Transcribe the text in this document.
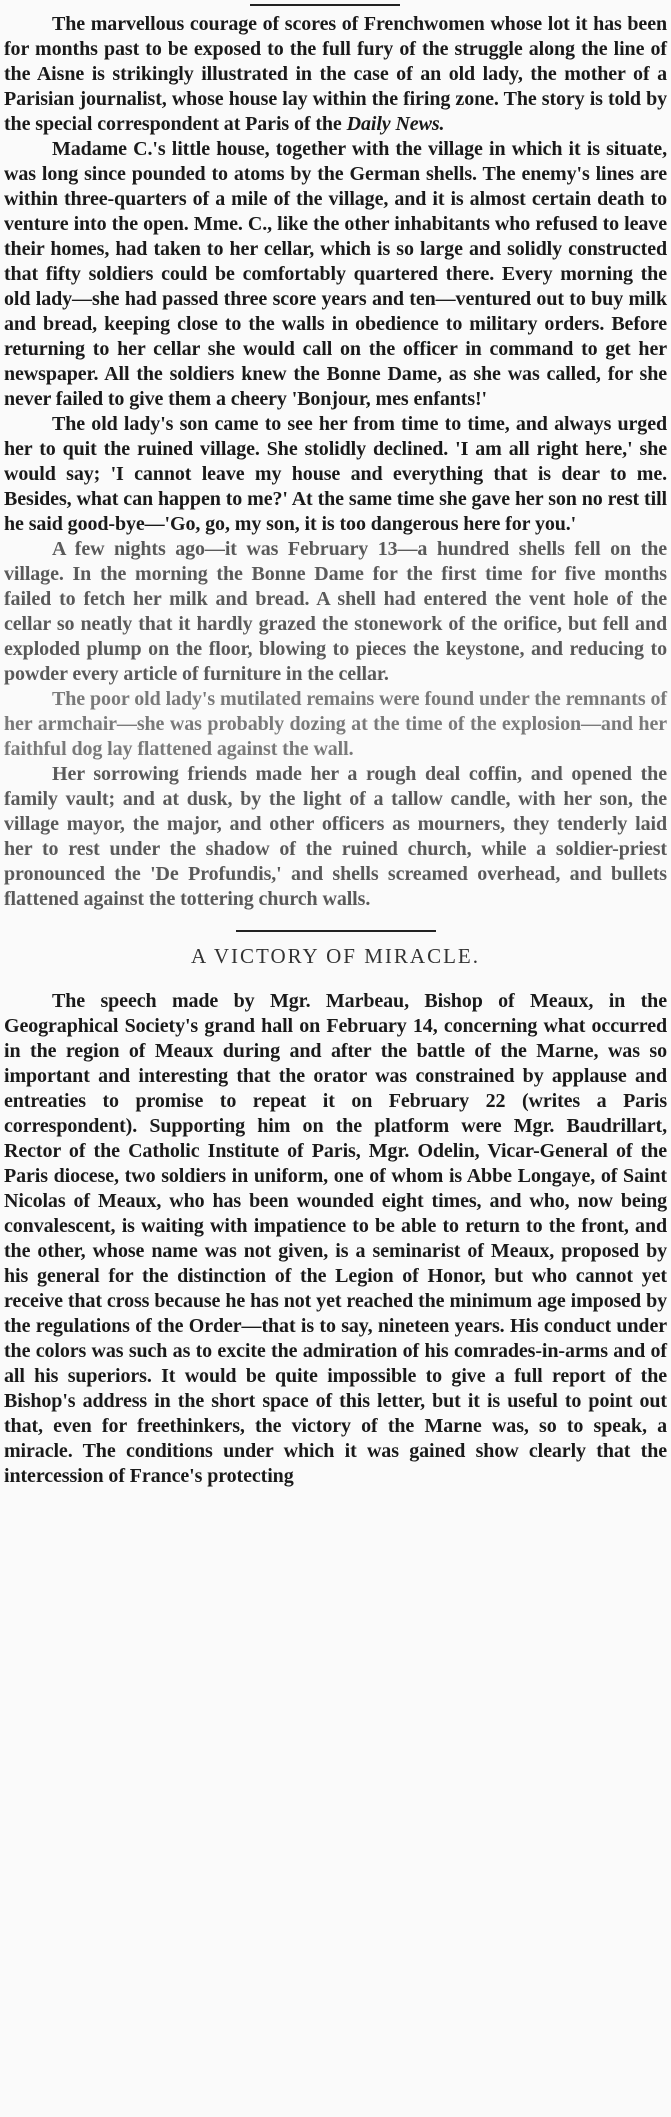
The marvellous courage of scores of Frenchwomen whose lot it has been for months past to be exposed to the full fury of the struggle along the line of the Aisne is strikingly illustrated in the case of an old lady, the mother of a Parisian journalist, whose house lay within the firing zone. The story is told by the special correspondent at Paris of the Daily News.

Madame C.'s little house, together with the village in which it is situate, was long since pounded to atoms by the German shells. The enemy's lines are within three-quarters of a mile of the village, and it is almost certain death to venture into the open. Mme. C., like the other inhabitants who refused to leave their homes, had taken to her cellar, which is so large and solidly constructed that fifty soldiers could be comfortably quartered there. Every morning the old lady—she had passed three score years and ten—ventured out to buy milk and bread, keeping close to the walls in obedience to military orders. Before returning to her cellar she would call on the officer in command to get her newspaper. All the soldiers knew the Bonne Dame, as she was called, for she never failed to give them a cheery 'Bonjour, mes enfants!'

The old lady's son came to see her from time to time, and always urged her to quit the ruined village. She stolidly declined. 'I am all right here,' she would say; 'I cannot leave my house and everything that is dear to me. Besides, what can happen to me?' At the same time she gave her son no rest till he said good-bye—'Go, go, my son, it is too dangerous here for you.'

A few nights ago—it was February 13—a hundred shells fell on the village. In the morning the Bonne Dame for the first time for five months failed to fetch her milk and bread. A shell had entered the vent hole of the cellar so neatly that it hardly grazed the stonework of the orifice, but fell and exploded plump on the floor, blowing to pieces the keystone, and reducing to powder every article of furniture in the cellar.

The poor old lady's mutilated remains were found under the remnants of her armchair—she was probably dozing at the time of the explosion—and her faithful dog lay flattened against the wall.

Her sorrowing friends made her a rough deal coffin, and opened the family vault; and at dusk, by the light of a tallow candle, with her son, the village mayor, the major, and other officers as mourners, they tenderly laid her to rest under the shadow of the ruined church, while a soldier-priest pronounced the 'De Profundis,' and shells screamed overhead, and bullets flattened against the tottering church walls.

A VICTORY OF MIRACLE.

The speech made by Mgr. Marbeau, Bishop of Meaux, in the Geographical Society's grand hall on February 14, concerning what occurred in the region of Meaux during and after the battle of the Marne, was so important and interesting that the orator was constrained by applause and entreaties to promise to repeat it on February 22 (writes a Paris correspondent). Supporting him on the platform were Mgr. Baudrillart, Rector of the Catholic Institute of Paris, Mgr. Odelin, Vicar-General of the Paris diocese, two soldiers in uniform, one of whom is Abbe Longaye, of Saint Nicolas of Meaux, who has been wounded eight times, and who, now being convalescent, is waiting with impatience to be able to return to the front, and the other, whose name was not given, is a seminarist of Meaux, proposed by his general for the distinction of the Legion of Honor, but who cannot yet receive that cross because he has not yet reached the minimum age imposed by the regulations of the Order—that is to say, nineteen years. His conduct under the colors was such as to excite the admiration of his comrades-in-arms and of all his superiors. It would be quite impossible to give a full report of the Bishop's address in the short space of this letter, but it is useful to point out that, even for freethinkers, the victory of the Marne was, so to speak, a miracle. The conditions under which it was gained show clearly that the intercession of France's protecting
